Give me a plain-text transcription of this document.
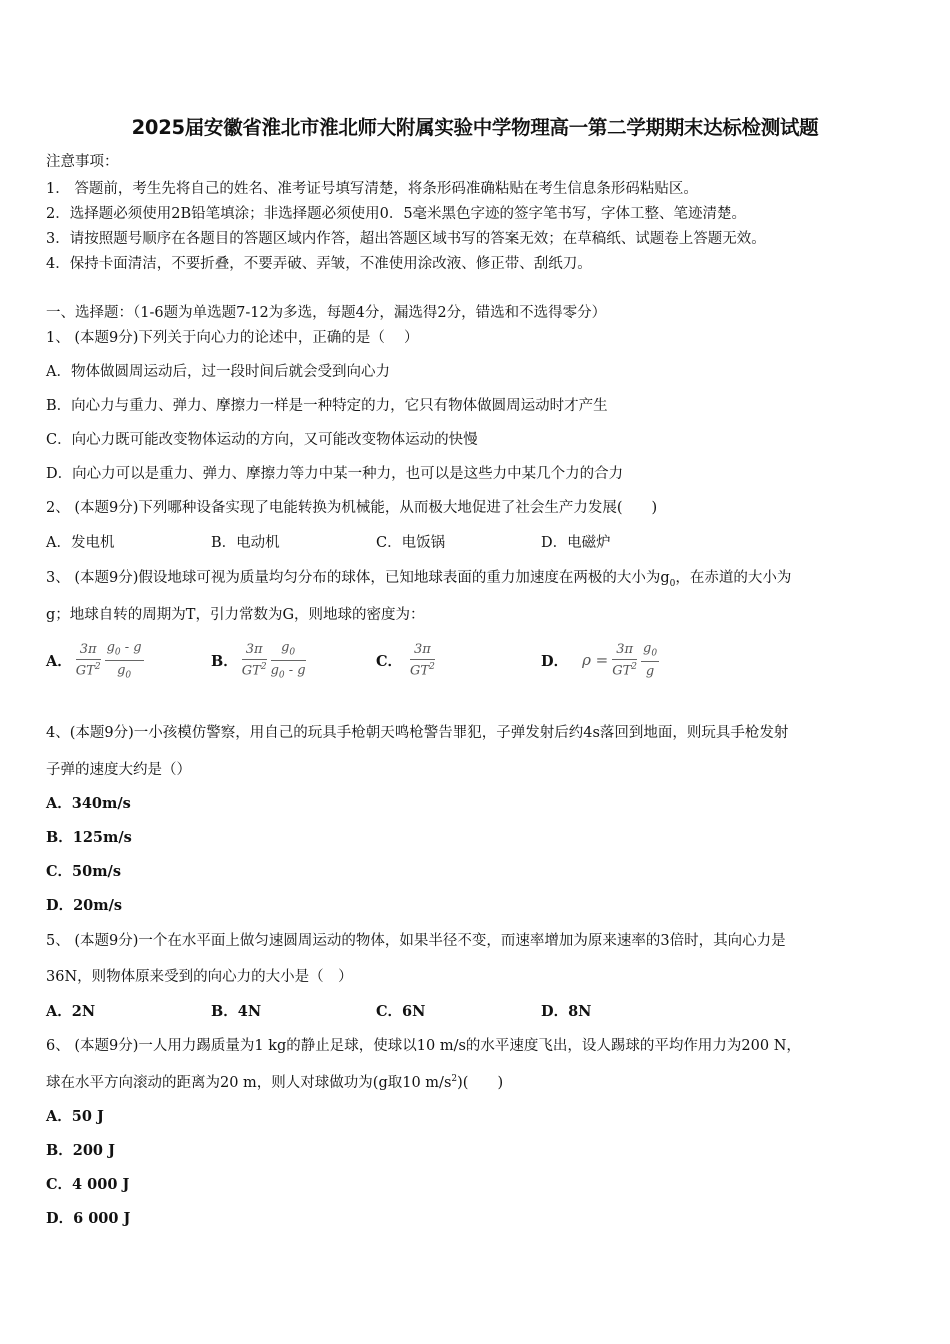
2025届安徽省淮北市淮北师大附属实验中学物理高一第二学期期末达标检测试题
注意事项：
1． 答题前，考生先将自己的姓名、准考证号填写清楚，将条形码准确粘贴在考生信息条形码粘贴区。
2．选择题必须使用2B铅笔填涂；非选择题必须使用0．5毫米黑色字迹的签字笔书写，字体工整、笔迹清楚。
3．请按照题号顺序在各题目的答题区域内作答，超出答题区域书写的答案无效；在草稿纸、试题卷上答题无效。
4．保持卡面清洁，不要折叠，不要弄破、弄皱，不准使用涂改液、修正带、刮纸刀。
一、选择题：（1-6题为单选题7-12为多选，每题4分，漏选得2分，错选和不选得零分）
1、 (本题9分)下列关于向心力的论述中，正确的是（　 ）
A．物体做圆周运动后，过一段时间后就会受到向心力
B．向心力与重力、弹力、摩擦力一样是一种特定的力，它只有物体做圆周运动时才产生
C．向心力既可能改变物体运动的方向，又可能改变物体运动的快慢
D．向心力可以是重力、弹力、摩擦力等力中某一种力，也可以是这些力中某几个力的合力
2、 (本题9分)下列哪种设备实现了电能转换为机械能，从而极大地促进了社会生产力发展(　　)
A．发电机	B．电动机	C．电饭锅	D．电磁炉
3、 (本题9分)假设地球可视为质量均匀分布的球体，已知地球表面的重力加速度在两极的大小为$g_0$，在赤道的大小为
g；地球自转的周期为T，引力常数为G，则地球的密度为：
A． $\frac{3\pi}{GT^2} \frac{g_0 - g}{g_0}$	B． $\frac{3\pi}{GT^2} \frac{g_0}{g_0 - g}$	C． $\frac{3\pi}{GT^2}$	D． $\rho = \frac{3\pi}{GT^2} \frac{g_0}{g}$
4、(本题9分)一小孩模仿警察，用自己的玩具手枪朝天鸣枪警告罪犯，子弹发射后约4s落回到地面，则玩具手枪发射
子弹的速度大约是（）
A．340m/s
B．125m/s
C．50m/s
D．20m/s
5、 (本题9分)一个在水平面上做匀速圆周运动的物体，如果半径不变，而速率增加为原来速率的3倍时，其向心力是
36N，则物体原来受到的向心力的大小是（　）
A．2N	B．4N	C．6N	D．8N
6、 (本题9分)一人用力踢质量为1 kg的静止足球，使球以10 m/s的水平速度飞出，设人踢球的平均作用力为200 N，
球在水平方向滚动的距离为20 m，则人对球做功为(g取10 $m/s^2$)(　　)
A．50 J
B．200 J
C．4 000 J
D．6 000 J
